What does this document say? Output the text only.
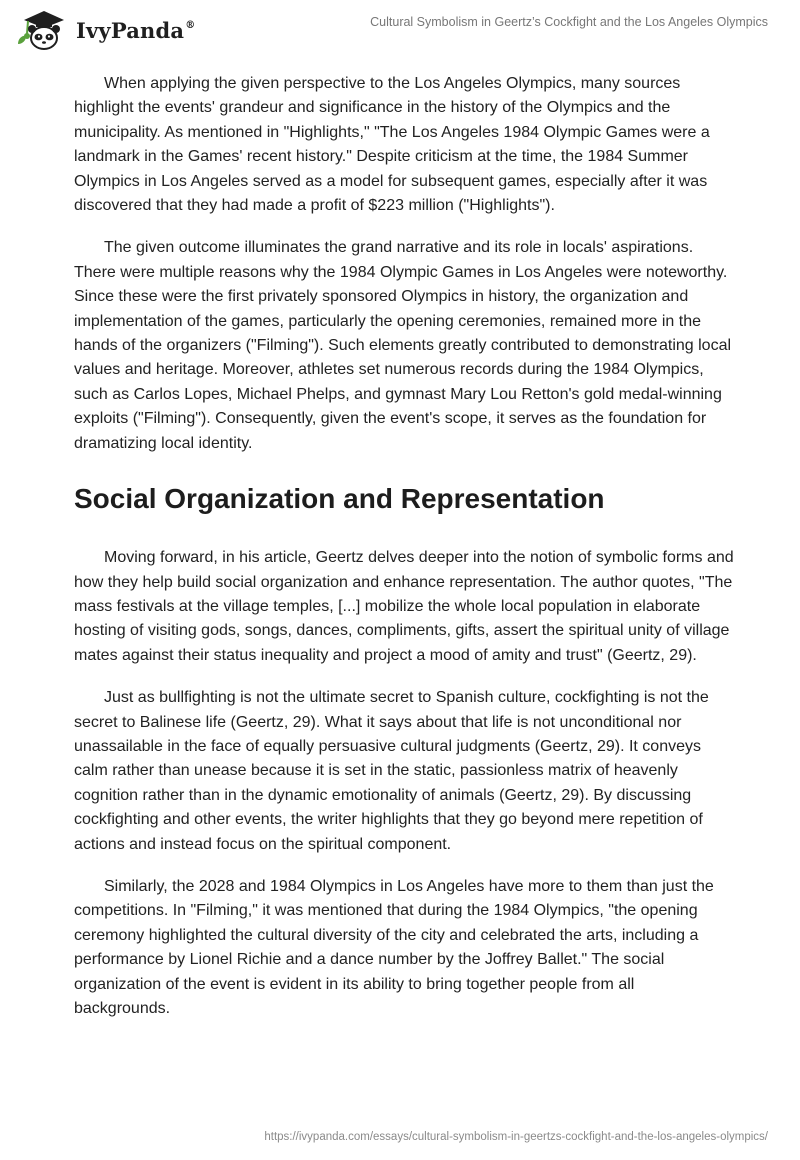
IvyPanda®	Cultural Symbolism in Geertz’s Cockfight and the Los Angeles Olympics

When applying the given perspective to the Los Angeles Olympics, many sources highlight the events' grandeur and significance in the history of the Olympics and the municipality. As mentioned in "Highlights," "The Los Angeles 1984 Olympic Games were a landmark in the Games' recent history." Despite criticism at the time, the 1984 Summer Olympics in Los Angeles served as a model for subsequent games, especially after it was discovered that they had made a profit of $223 million ("Highlights").

The given outcome illuminates the grand narrative and its role in locals' aspirations. There were multiple reasons why the 1984 Olympic Games in Los Angeles were noteworthy. Since these were the first privately sponsored Olympics in history, the organization and implementation of the games, particularly the opening ceremonies, remained more in the hands of the organizers ("Filming"). Such elements greatly contributed to demonstrating local values and heritage. Moreover, athletes set numerous records during the 1984 Olympics, such as Carlos Lopes, Michael Phelps, and gymnast Mary Lou Retton's gold medal-winning exploits ("Filming"). Consequently, given the event's scope, it serves as the foundation for dramatizing local identity.

Social Organization and Representation

Moving forward, in his article, Geertz delves deeper into the notion of symbolic forms and how they help build social organization and enhance representation. The author quotes, "The mass festivals at the village temples, [...] mobilize the whole local population in elaborate hosting of visiting gods, songs, dances, compliments, gifts, assert the spiritual unity of village mates against their status inequality and project a mood of amity and trust" (Geertz, 29).

Just as bullfighting is not the ultimate secret to Spanish culture, cockfighting is not the secret to Balinese life (Geertz, 29). What it says about that life is not unconditional nor unassailable in the face of equally persuasive cultural judgments (Geertz, 29). It conveys calm rather than unease because it is set in the static, passionless matrix of heavenly cognition rather than in the dynamic emotionality of animals (Geertz, 29). By discussing cockfighting and other events, the writer highlights that they go beyond mere repetition of actions and instead focus on the spiritual component.

Similarly, the 2028 and 1984 Olympics in Los Angeles have more to them than just the competitions. In "Filming," it was mentioned that during the 1984 Olympics, "the opening ceremony highlighted the cultural diversity of the city and celebrated the arts, including a performance by Lionel Richie and a dance number by the Joffrey Ballet." The social organization of the event is evident in its ability to bring together people from all backgrounds.

https://ivypanda.com/essays/cultural-symbolism-in-geertzs-cockfight-and-the-los-angeles-olympics/
